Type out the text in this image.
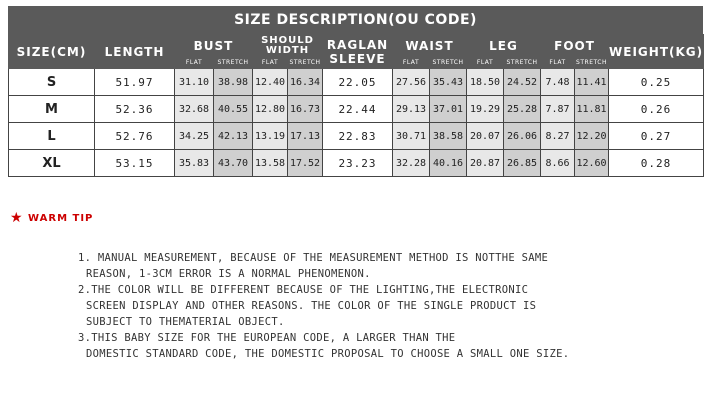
SIZE DESCRIPTION(OU CODE)
SIZE(CM)	LENGTH	BUST		SHOULD WIDTH		RAGLAN SLEEVE	WAIST		LEG		FOOT		WEIGHT(KG)
		FLAT	STRETCH	FLAT	STRETCH		FLAT	STRETCH	FLAT	STRETCH	FLAT	STRETCH	
S	51.97	31.10	38.98	12.40	16.34	22.05	27.56	35.43	18.50	24.52	7.48	11.41	0.25
M	52.36	32.68	40.55	12.80	16.73	22.44	29.13	37.01	19.29	25.28	7.87	11.81	0.26
L	52.76	34.25	42.13	13.19	17.13	22.83	30.71	38.58	20.07	26.06	8.27	12.20	0.27
XL	53.15	35.83	43.70	13.58	17.52	23.23	32.28	40.16	20.87	26.85	8.66	12.60	0.28
★ WARM TIP

1. MANUAL MEASUREMENT, BECAUSE OF THE MEASUREMENT METHOD IS NOTTHE SAME

REASON, 1-3CM ERROR IS A NORMAL PHENOMENON.

2.THE COLOR WILL BE DIFFERENT BECAUSE OF THE LIGHTING,THE ELECTRONIC

SCREEN DISPLAY AND OTHER REASONS. THE COLOR OF THE SINGLE PRODUCT IS

SUBJECT TO THEMATERIAL OBJECT.

3.THIS BABY SIZE FOR THE EUROPEAN CODE, A LARGER THAN THE

DOMESTIC STANDARD CODE, THE DOMESTIC PROPOSAL TO CHOOSE A SMALL ONE SIZE.
